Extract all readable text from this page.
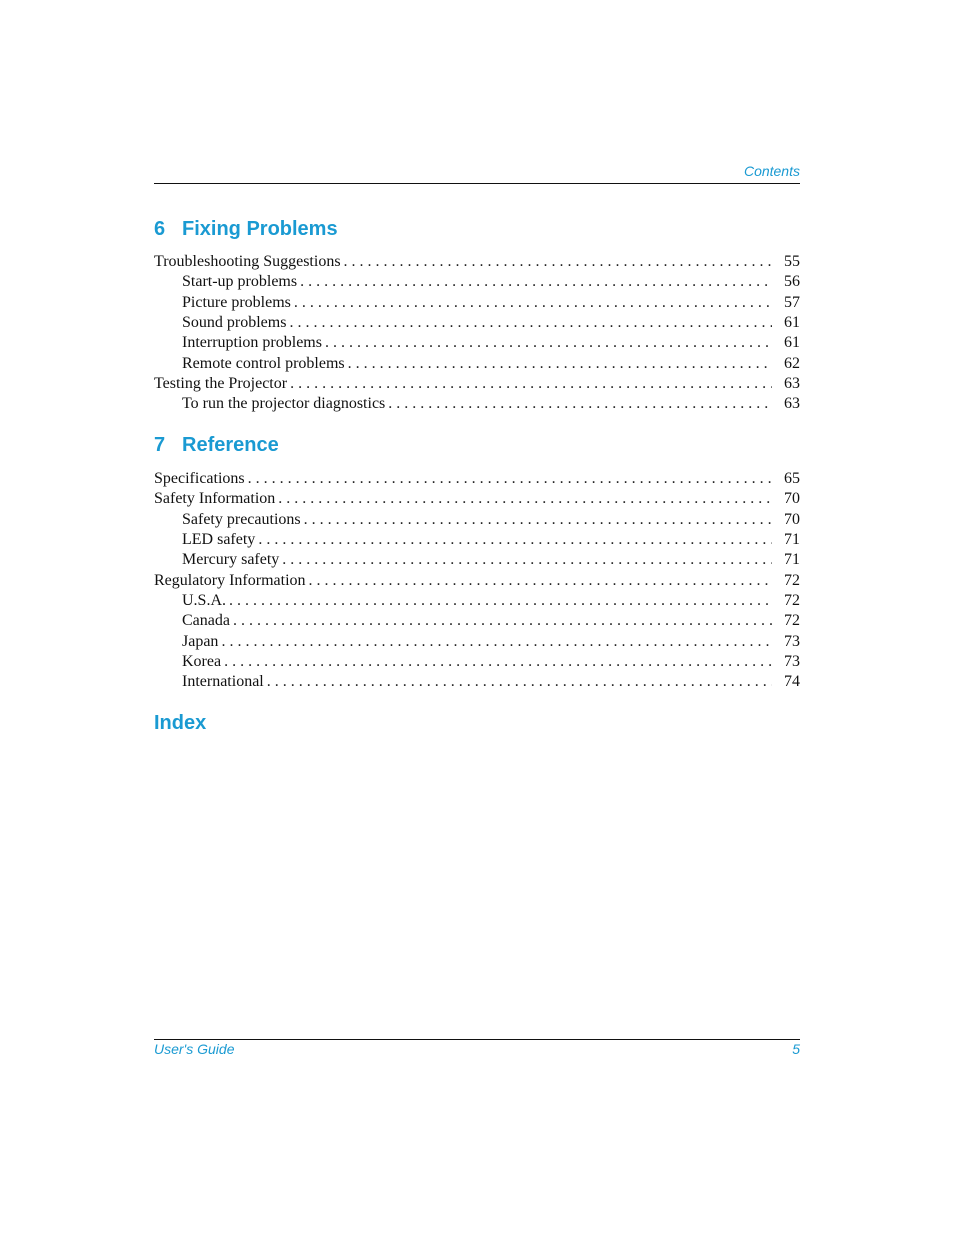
Contents
6 Fixing Problems
Troubleshooting Suggestions . . .	55
Start-up problems . . .	56
Picture problems . . .	57
Sound problems . . .	61
Interruption problems . . .	61
Remote control problems . . .	62
Testing the Projector . . .	63
To run the projector diagnostics . . .	63
7 Reference
Specifications . . .	65
Safety Information . . .	70
Safety precautions . . .	70
LED safety . . .	71
Mercury safety . . .	71
Regulatory Information . . .	72
U.S.A. . . .	72
Canada . . .	72
Japan . . .	73
Korea . . .	73
International . . .	74
Index
User's Guide	5
